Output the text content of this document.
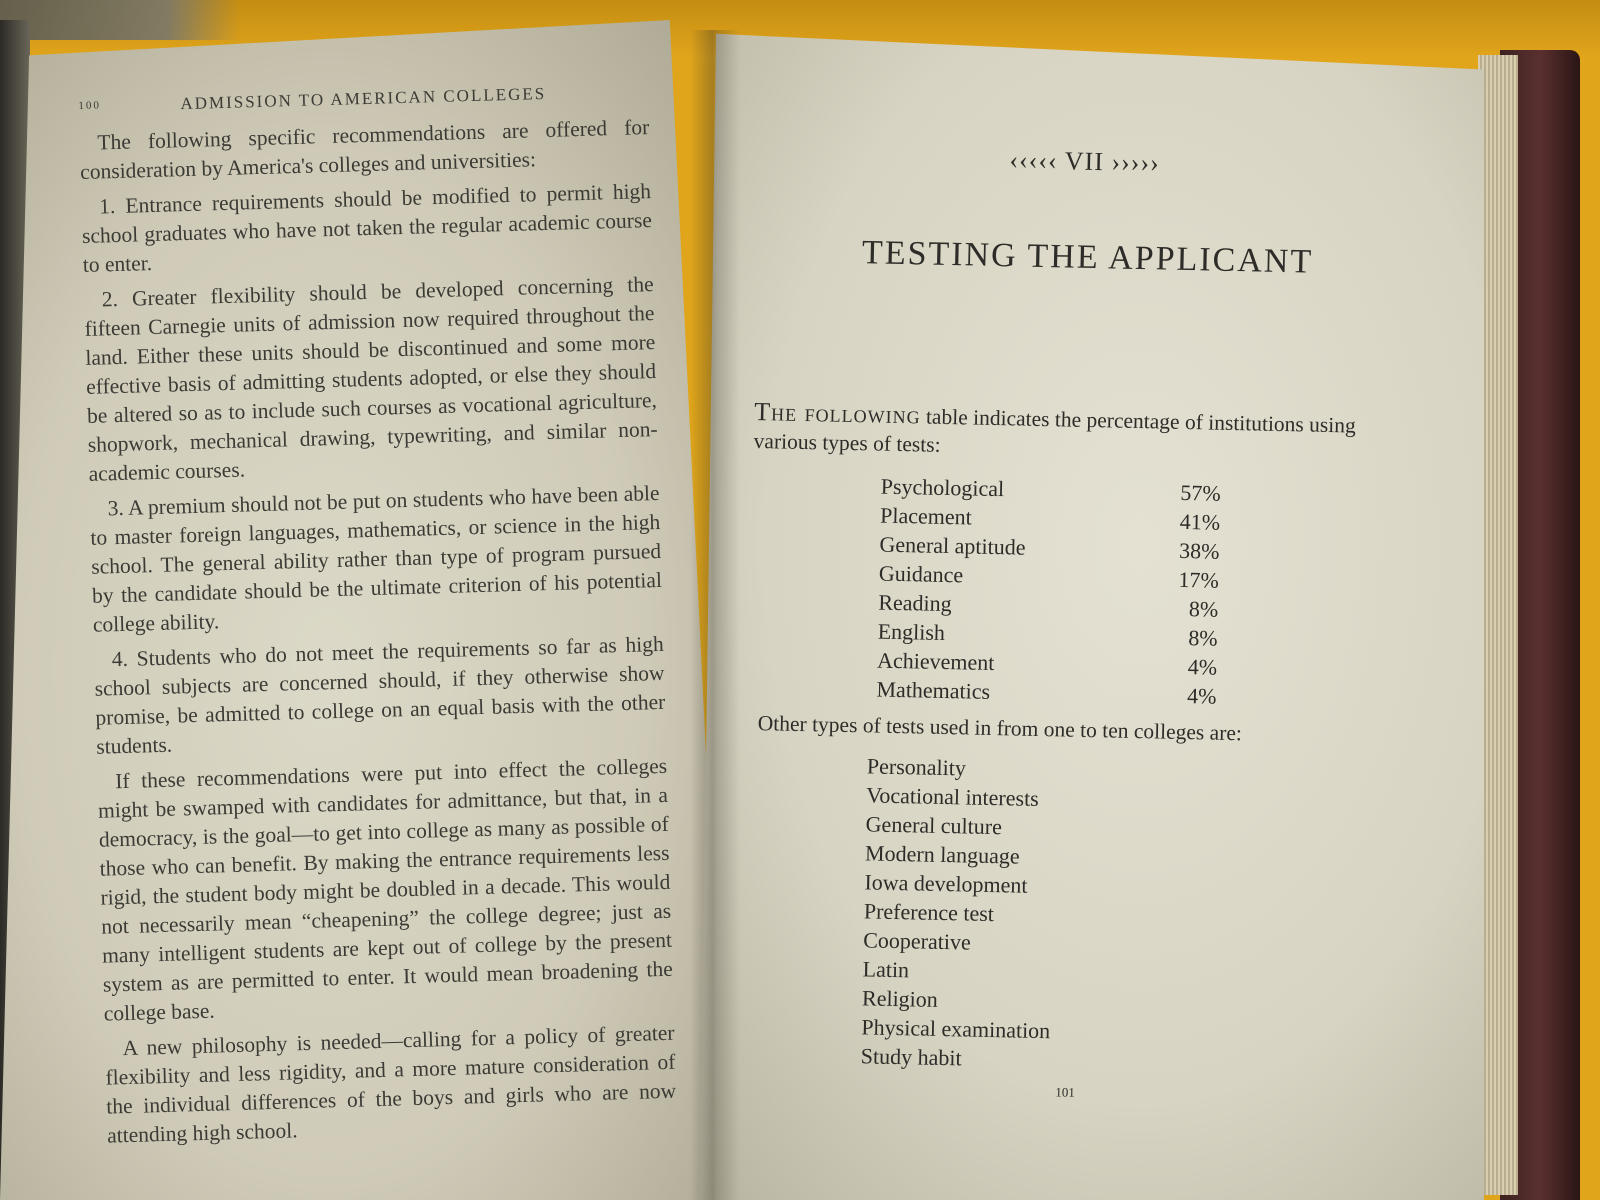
100	ADMISSION TO AMERICAN COLLEGES

The following specific recommendations are offered for consideration by America's colleges and universities:

1. Entrance requirements should be modified to permit high school graduates who have not taken the regular academic course to enter.

2. Greater flexibility should be developed concerning the fifteen Carnegie units of admission now required throughout the land. Either these units should be discontinued and some more effective basis of admitting students adopted, or else they should be altered so as to include such courses as vocational agriculture, shopwork, mechanical drawing, typewriting, and similar non-academic courses.

3. A premium should not be put on students who have been able to master foreign languages, mathematics, or science in the high school. The general ability rather than type of program pursued by the candidate should be the ultimate criterion of his potential college ability.

4. Students who do not meet the requirements so far as high school subjects are concerned should, if they otherwise show promise, be admitted to college on an equal basis with the other students.

If these recommendations were put into effect the colleges might be swamped with candidates for admittance, but that, in a democracy, is the goal—to get into college as many as possible of those who can benefit. By making the entrance requirements less rigid, the student body might be doubled in a decade. This would not necessarily mean “cheapening” the college degree; just as many intelligent students are kept out of college by the present system as are permitted to enter. It would mean broadening the college base.

A new philosophy is needed—calling for a policy of greater flexibility and less rigidity, and a more mature consideration of the individual differences of the boys and girls who are now attending high school.

‹‹‹‹‹ VII ›››››
TESTING THE APPLICANT
The following table indicates the percentage of institutions using various types of tests:
Psychological	57%
Placement	41%
General aptitude	38%
Guidance	17%
Reading	8%
English	8%
Achievement	4%
Mathematics	4%
Other types of tests used in from one to ten colleges are:
Personality
Vocational interests
General culture
Modern language
Iowa development
Preference test
Cooperative
Latin
Religion
Physical examination
Study habit
101
